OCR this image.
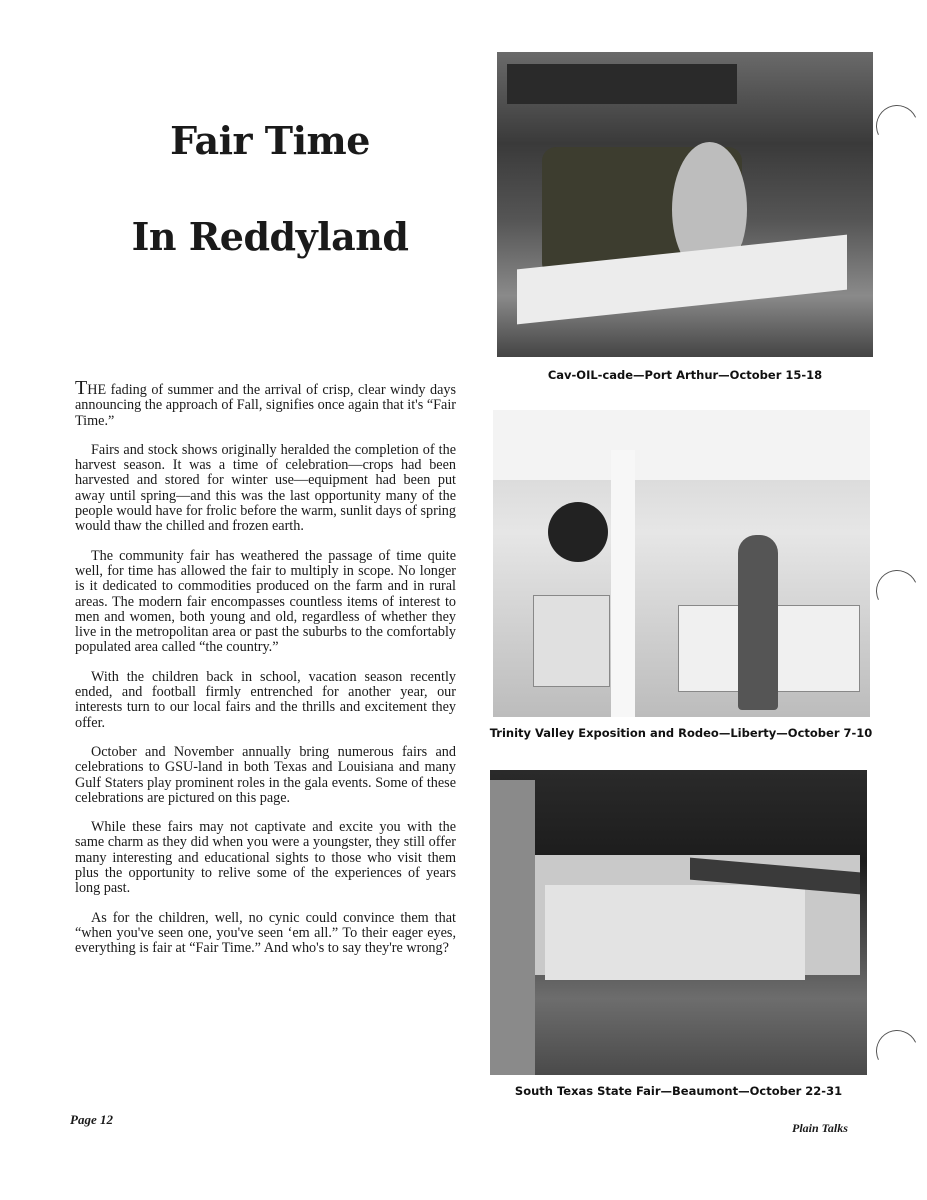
Fair Time
In Reddyland

THE fading of summer and the arrival of crisp, clear windy days announcing the approach of Fall, signifies once again that it's “Fair Time.”

Fairs and stock shows originally heralded the completion of the harvest season. It was a time of celebration—crops had been harvested and stored for winter use—equipment had been put away until spring—and this was the last opportunity many of the people would have for frolic before the warm, sunlit days of spring would thaw the chilled and frozen earth.

The community fair has weathered the passage of time quite well, for time has allowed the fair to multiply in scope. No longer is it dedicated to commodities produced on the farm and in rural areas. The modern fair encompasses countless items of interest to men and women, both young and old, regardless of whether they live in the metropolitan area or past the suburbs to the comfortably populated area called “the country.”

With the children back in school, vacation season recently ended, and football firmly entrenched for another year, our interests turn to our local fairs and the thrills and excitement they offer.

October and November annually bring numerous fairs and celebrations to GSU-land in both Texas and Louisiana and many Gulf Staters play prominent roles in the gala events. Some of these celebrations are pictured on this page.

While these fairs may not captivate and excite you with the same charm as they did when you were a youngster, they still offer many interesting and educational sights to those who visit them plus the opportunity to relive some of the experiences of years long past.

As for the children, well, no cynic could convince them that “when you've seen one, you've seen ‘em all.” To their eager eyes, everything is fair at “Fair Time.” And who's to say they're wrong?

Cav-OIL-cade—Port Arthur—October 15-18
Trinity Valley Exposition and Rodeo—Liberty—October 7-10
South Texas State Fair—Beaumont—October 22-31
Page 12
Plain Talks
